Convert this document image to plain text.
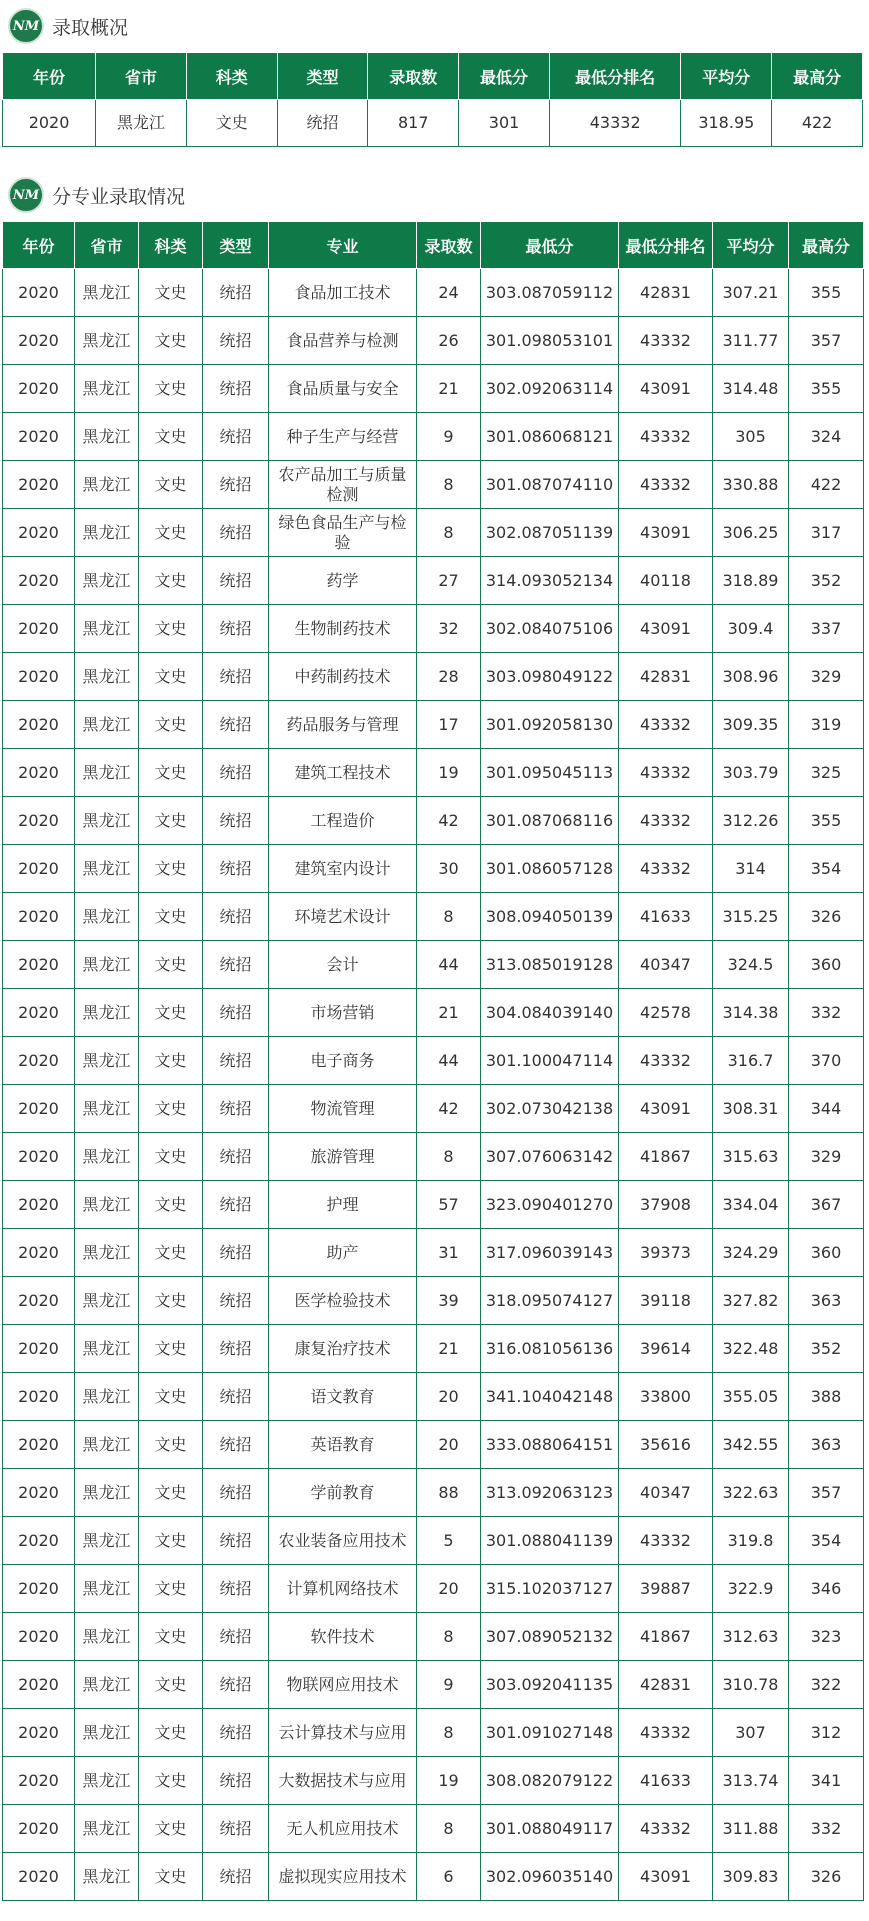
NM 录取概况
年份	省市	科类	类型	录取数	最低分	最低分排名	平均分	最高分
2020	黑龙江	文史	统招	817	301	43332	318.95	422
NM 分专业录取情况
年份	省市	科类	类型	专业	录取数	最低分	最低分排名	平均分	最高分
2020	黑龙江	文史	统招	食品加工技术	24	303.087059112	42831	307.21	355
2020	黑龙江	文史	统招	食品营养与检测	26	301.098053101	43332	311.77	357
2020	黑龙江	文史	统招	食品质量与安全	21	302.092063114	43091	314.48	355
2020	黑龙江	文史	统招	种子生产与经营	9	301.086068121	43332	305	324
2020	黑龙江	文史	统招	农产品加工与质量检测	8	301.087074110	43332	330.88	422
2020	黑龙江	文史	统招	绿色食品生产与检验	8	302.087051139	43091	306.25	317
2020	黑龙江	文史	统招	药学	27	314.093052134	40118	318.89	352
2020	黑龙江	文史	统招	生物制药技术	32	302.084075106	43091	309.4	337
2020	黑龙江	文史	统招	中药制药技术	28	303.098049122	42831	308.96	329
2020	黑龙江	文史	统招	药品服务与管理	17	301.092058130	43332	309.35	319
2020	黑龙江	文史	统招	建筑工程技术	19	301.095045113	43332	303.79	325
2020	黑龙江	文史	统招	工程造价	42	301.087068116	43332	312.26	355
2020	黑龙江	文史	统招	建筑室内设计	30	301.086057128	43332	314	354
2020	黑龙江	文史	统招	环境艺术设计	8	308.094050139	41633	315.25	326
2020	黑龙江	文史	统招	会计	44	313.085019128	40347	324.5	360
2020	黑龙江	文史	统招	市场营销	21	304.084039140	42578	314.38	332
2020	黑龙江	文史	统招	电子商务	44	301.100047114	43332	316.7	370
2020	黑龙江	文史	统招	物流管理	42	302.073042138	43091	308.31	344
2020	黑龙江	文史	统招	旅游管理	8	307.076063142	41867	315.63	329
2020	黑龙江	文史	统招	护理	57	323.090401270	37908	334.04	367
2020	黑龙江	文史	统招	助产	31	317.096039143	39373	324.29	360
2020	黑龙江	文史	统招	医学检验技术	39	318.095074127	39118	327.82	363
2020	黑龙江	文史	统招	康复治疗技术	21	316.081056136	39614	322.48	352
2020	黑龙江	文史	统招	语文教育	20	341.104042148	33800	355.05	388
2020	黑龙江	文史	统招	英语教育	20	333.088064151	35616	342.55	363
2020	黑龙江	文史	统招	学前教育	88	313.092063123	40347	322.63	357
2020	黑龙江	文史	统招	农业装备应用技术	5	301.088041139	43332	319.8	354
2020	黑龙江	文史	统招	计算机网络技术	20	315.102037127	39887	322.9	346
2020	黑龙江	文史	统招	软件技术	8	307.089052132	41867	312.63	323
2020	黑龙江	文史	统招	物联网应用技术	9	303.092041135	42831	310.78	322
2020	黑龙江	文史	统招	云计算技术与应用	8	301.091027148	43332	307	312
2020	黑龙江	文史	统招	大数据技术与应用	19	308.082079122	41633	313.74	341
2020	黑龙江	文史	统招	无人机应用技术	8	301.088049117	43332	311.88	332
2020	黑龙江	文史	统招	虚拟现实应用技术	6	302.096035140	43091	309.83	326
